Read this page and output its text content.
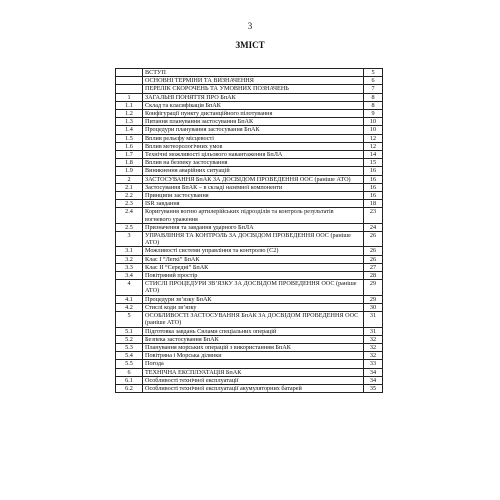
3
ЗМІСТ
	ВСТУП	5
	ОСНОВНІ ТЕРМІНИ ТА ВИЗНАЧЕННЯ	6
	ПЕРЕЛІК СКОРОЧЕНЬ ТА УМОВНИХ ПОЗНАЧЕНЬ	7
1	ЗАГАЛЬНІ ПОНЯТТЯ ПРО БпАК	8
1.1	Склад та класифікація БпАК	8
1.2	Конфігурації пункту дистанційного пілотування	9
1.3	Питання планування застосування БпАК	10
1.4	Процедури планування застосування БпАК	10
1.5	Вплив рельєфу місцевості	12
1.6	Вплив метеорологічних умов	12
1.7	Технічні можливості цільового навантаження БпЛА	14
1.8	Вплив на безпеку застосування	15
1.9	Виникнення аварійних ситуацій	16
2	ЗАСТОСУВАННЯ БпАК ЗА ДОСВІДОМ ПРОВЕДЕННЯ ООС (раніше АТО)	16
2.1	Застосування БпАК – в складі наземної компоненти	16
2.2	Принципи застосування	16
2.3	ISR завдання	18
2.4	Коригування вогню артилерійських підрозділів та контроль результатів вогневого ураження	23
2.5	Призначення та завдання ударного БпЛА	24
3	УПРАВЛІННЯ ТА КОНТРОЛЬ ЗА ДОСВІДОМ ПРОВЕДЕННЯ ООС (раніше АТО)	26
3.1	Можливості системи управління та контролю (С2)	26
3.2	Клас І “Легкі” БпАК	26
3.3	Клас ІІ “Середні” БпАК	27
3.4	Повітряний простір	28
4	СТИСЛІ ПРОЦЕДУРИ ЗВ’ЯЗКУ ЗА ДОСВІДОМ ПРОВЕДЕННЯ ООС (раніше АТО)	29
4.1	Процедури зв’язку БпАК	29
4.2	Стислі коди зв’язку	30
5	ОСОБЛИВОСТІ ЗАСТОСУВАННЯ БпАК ЗА ДОСВІДОМ ПРОВЕДЕННЯ ООС (раніше АТО)	31
5.1	Підготовка завдань Силами спеціальних операцій	31
5.2	Безпека застосування БпАК	32
5.3	Планування морських операцій з використанням БпАК	32
5.4	Повітряна і Морська ділянки	32
5.5	Погода	33
6	ТЕХНІЧНА ЕКСПЛУАТАЦІЯ БпАК	34
6.1	Особливості технічної експлуатації	34
6.2	Особливості технічної експлуатації акумуляторних батарей	35
